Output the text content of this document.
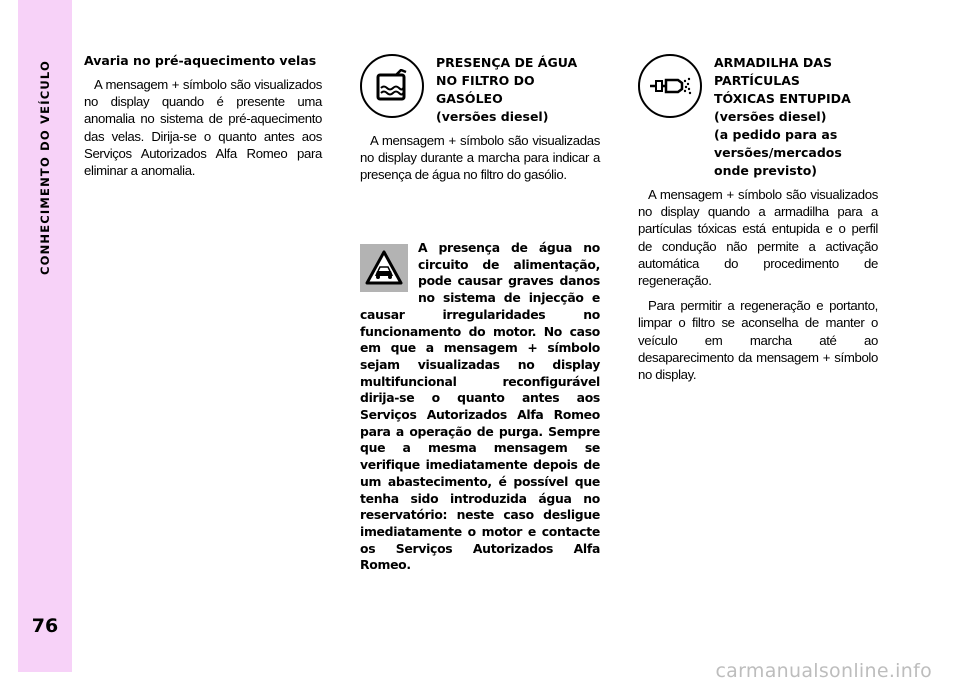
CONHECIMENTO DO VEÍCULO
76
Avaria no pré-aquecimento velas

A mensagem + símbolo são visualizados no display quando é presente uma anomalia no sistema de pré-aquecimento das velas. Dirija-se o quanto antes aos Serviços Autorizados Alfa Romeo para eliminar a anomalia.

PRESENÇA DE ÁGUA
NO FILTRO DO
GASÓLEO
(versões diesel)

A mensagem + símbolo são visualizadas no display durante a marcha para indicar a presença de água no filtro do gasólio.

A presença de água no circuito de alimentação, pode causar graves danos no sistema de injecção e causar irregularidades no funcionamento do motor. No caso em que a mensagem + símbolo sejam visualizadas no display multifuncional reconfigurável dirija-se o quanto antes aos Serviços Autorizados Alfa Romeo para a operação de purga. Sempre que a mesma mensagem se verifique imediatamente depois de um abastecimento, é possível que tenha sido introduzida água no reservatório: neste caso desligue imediatamente o motor e contacte os Serviços Autorizados Alfa Romeo.

ARMADILHA DAS
PARTÍCULAS
TÓXICAS ENTUPIDA
(versões diesel)
(a pedido para as
versões/mercados
onde previsto)

A mensagem + símbolo são visualizados no display quando a armadilha para a partículas tóxicas está entupida e o perfil de condução não permite a activação automática do procedimento de regeneração.

Para permitir a regeneração e portanto, limpar o filtro se aconselha de manter o veículo em marcha até ao desaparecimento da mensagem + símbolo no display.

carmanualsonline.info
